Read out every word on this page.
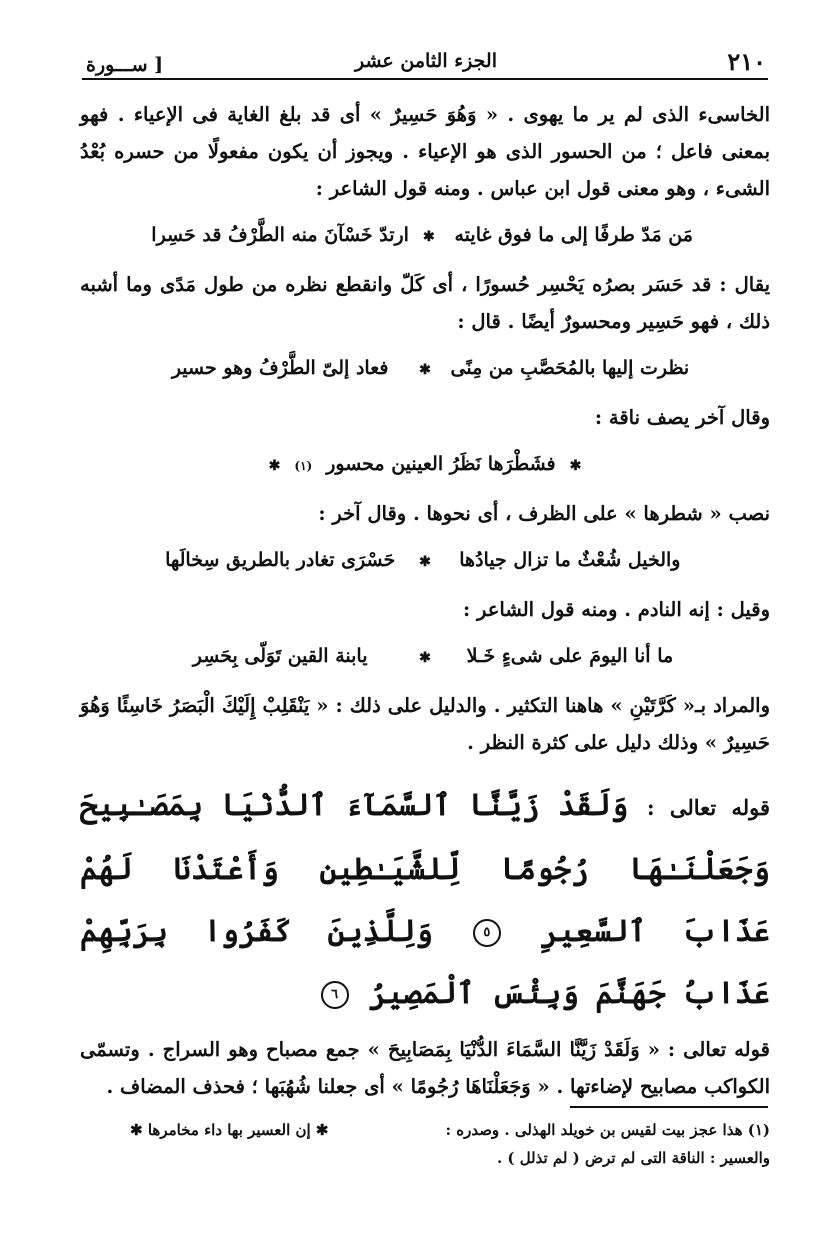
٢١٠
الجزء الثامن عشر
[ ســـورة

الخاسىء الذى لم ير ما يهوى . « وَهُوَ حَسِيرٌ » أى قد بلغ الغاية فى الإعياء . فهو بمعنى فاعل ؛ من الحسور الذى هو الإعياء . ويجوز أن يكون مفعولًا من حسره بُعْدُ الشىء ، وهو معنى قول ابن عباس . ومنه قول الشاعر :

مَن مَدّ طرفًا إلى ما فوق غايته
✱
ارتدّ خَسْآنَ منه الطَّرْفُ قد حَسِرا

يقال : قد حَسَر بصرُه يَحْسِر حُسورًا ، أى كَلّ وانقطع نظره من طول مَدًى وما أشبه ذلك ، فهو حَسِير ومحسورٌ أيضًا . قال :

نظرت إليها بالمُحَصَّبِ من مِنًى
✱
فعاد إلىّ الطَّرْفُ وهو حسير

وقال آخر يصف ناقة :

✱
فشَطْرَها نَظَرُ العينين محسور
(١)
✱

نصب « شطرها » على الظرف ، أى نحوها . وقال آخر :

والخيل شُعْثٌ ما تزال جيادُها
✱
حَسْرَى تغادر بالطريق سِخالَها

وقيل : إنه النادم . ومنه قول الشاعر :

ما أنا اليومَ على شىءٍ خَـلا
✱
يابنة القين تَوَلّى بِحَسِر

والمراد بـ« كَرَّتَيْنِ » هاهنا التكثير . والدليل على ذلك : « يَنْقَلِبْ إِلَيْكَ الْبَصَرُ خَاسِئًا وَهُوَ حَسِيرٌ » وذلك دليل على كثرة النظر .

قوله تعالى : وَلَقَدْ زَيَّنَّا ٱلسَّمَآءَ ٱلدُّنْيَا بِمَصَـٰبِيحَ وَجَعَلْنَـٰهَا رُجُومًا لِّلشَّيَـٰطِينِ وَأَعْتَدْنَا لَهُمْ عَذَابَ ٱلسَّعِيرِ ٥ وَلِلَّذِينَ كَفَرُوا بِرَبِّهِمْ عَذَابُ جَهَنَّمَ وَبِئْسَ ٱلْمَصِيرُ ٦

قوله تعالى : « وَلَقَدْ زَيَّنَّا السَّمَاءَ الدُّنْيَا بِمَصَابِيحَ » جمع مصباح وهو السراج . وتسمّى الكواكب مصابيح لإضاءتها . « وَجَعَلْنَاهَا رُجُومًا » أى جعلنا شُهُبَها ؛ فحذف المضاف .

(١) هذا عجز بيت لقيس بن خويلد الهذلى . وصدره :
✱ إن العسير بها داء مخامرها ✱
والعسير : الناقة التى لم ترض ( لم تذلل ) .
